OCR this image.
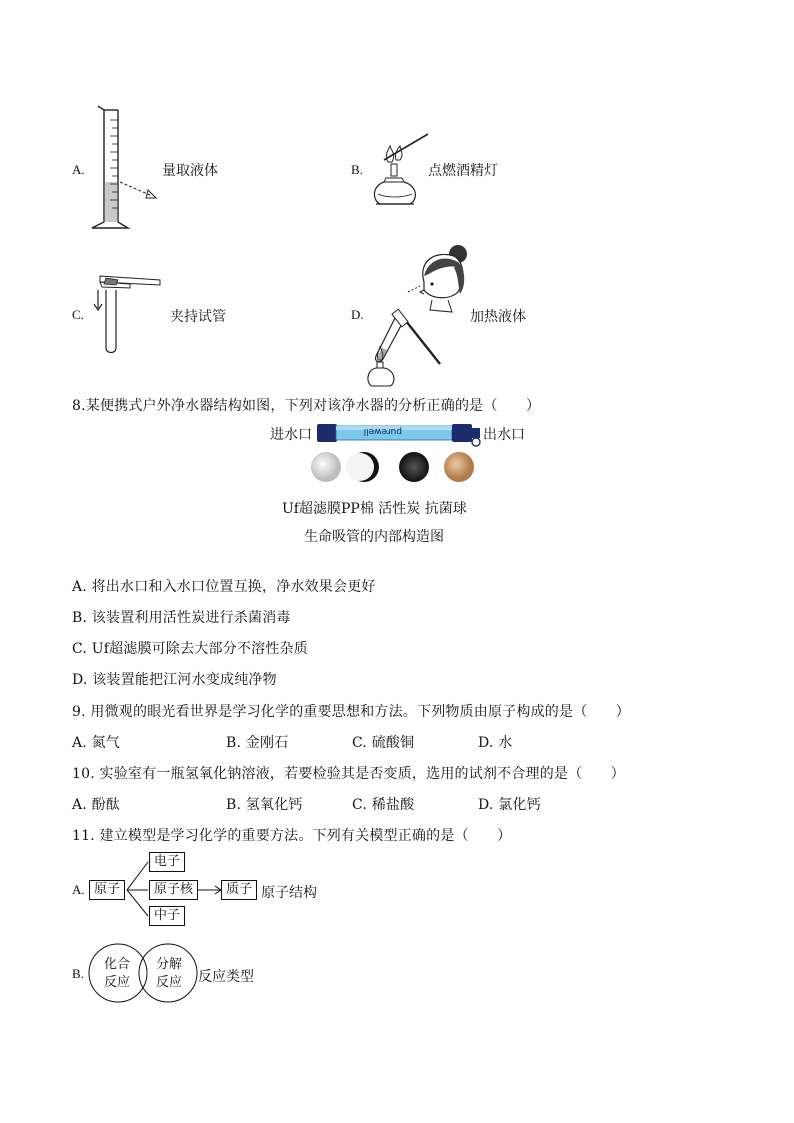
A.	量取液体	B.	点燃酒精灯
C.	夹持试管	D.	加热液体
8.某便携式户外净水器结构如图，下列对该净水器的分析正确的是（　　）
进水口	purewell	出水口
Uf超滤膜PP棉 活性炭 抗菌球
生命吸管的内部构造图
A. 将出水口和入水口位置互换，净水效果会更好
B. 该装置利用活性炭进行杀菌消毒
C. Uf超滤膜可除去大部分不溶性杂质
D. 该装置能把江河水变成纯净物
9. 用微观的眼光看世界是学习化学的重要思想和方法。下列物质由原子构成的是（　　）
A. 氮气	B. 金刚石	C. 硫酸铜	D. 水
10. 实验室有一瓶氢氧化钠溶液，若要检验其是否变质，选用的试剂不合理的是（　　）
A. 酚酞	B. 氢氧化钙	C. 稀盐酸	D. 氯化钙
11. 建立模型是学习化学的重要方法。下列有关模型正确的是（　　）
A. 原子
电子
原子核
中子
质子 原子结构
B.
化合
反应
分解
反应 反应类型
